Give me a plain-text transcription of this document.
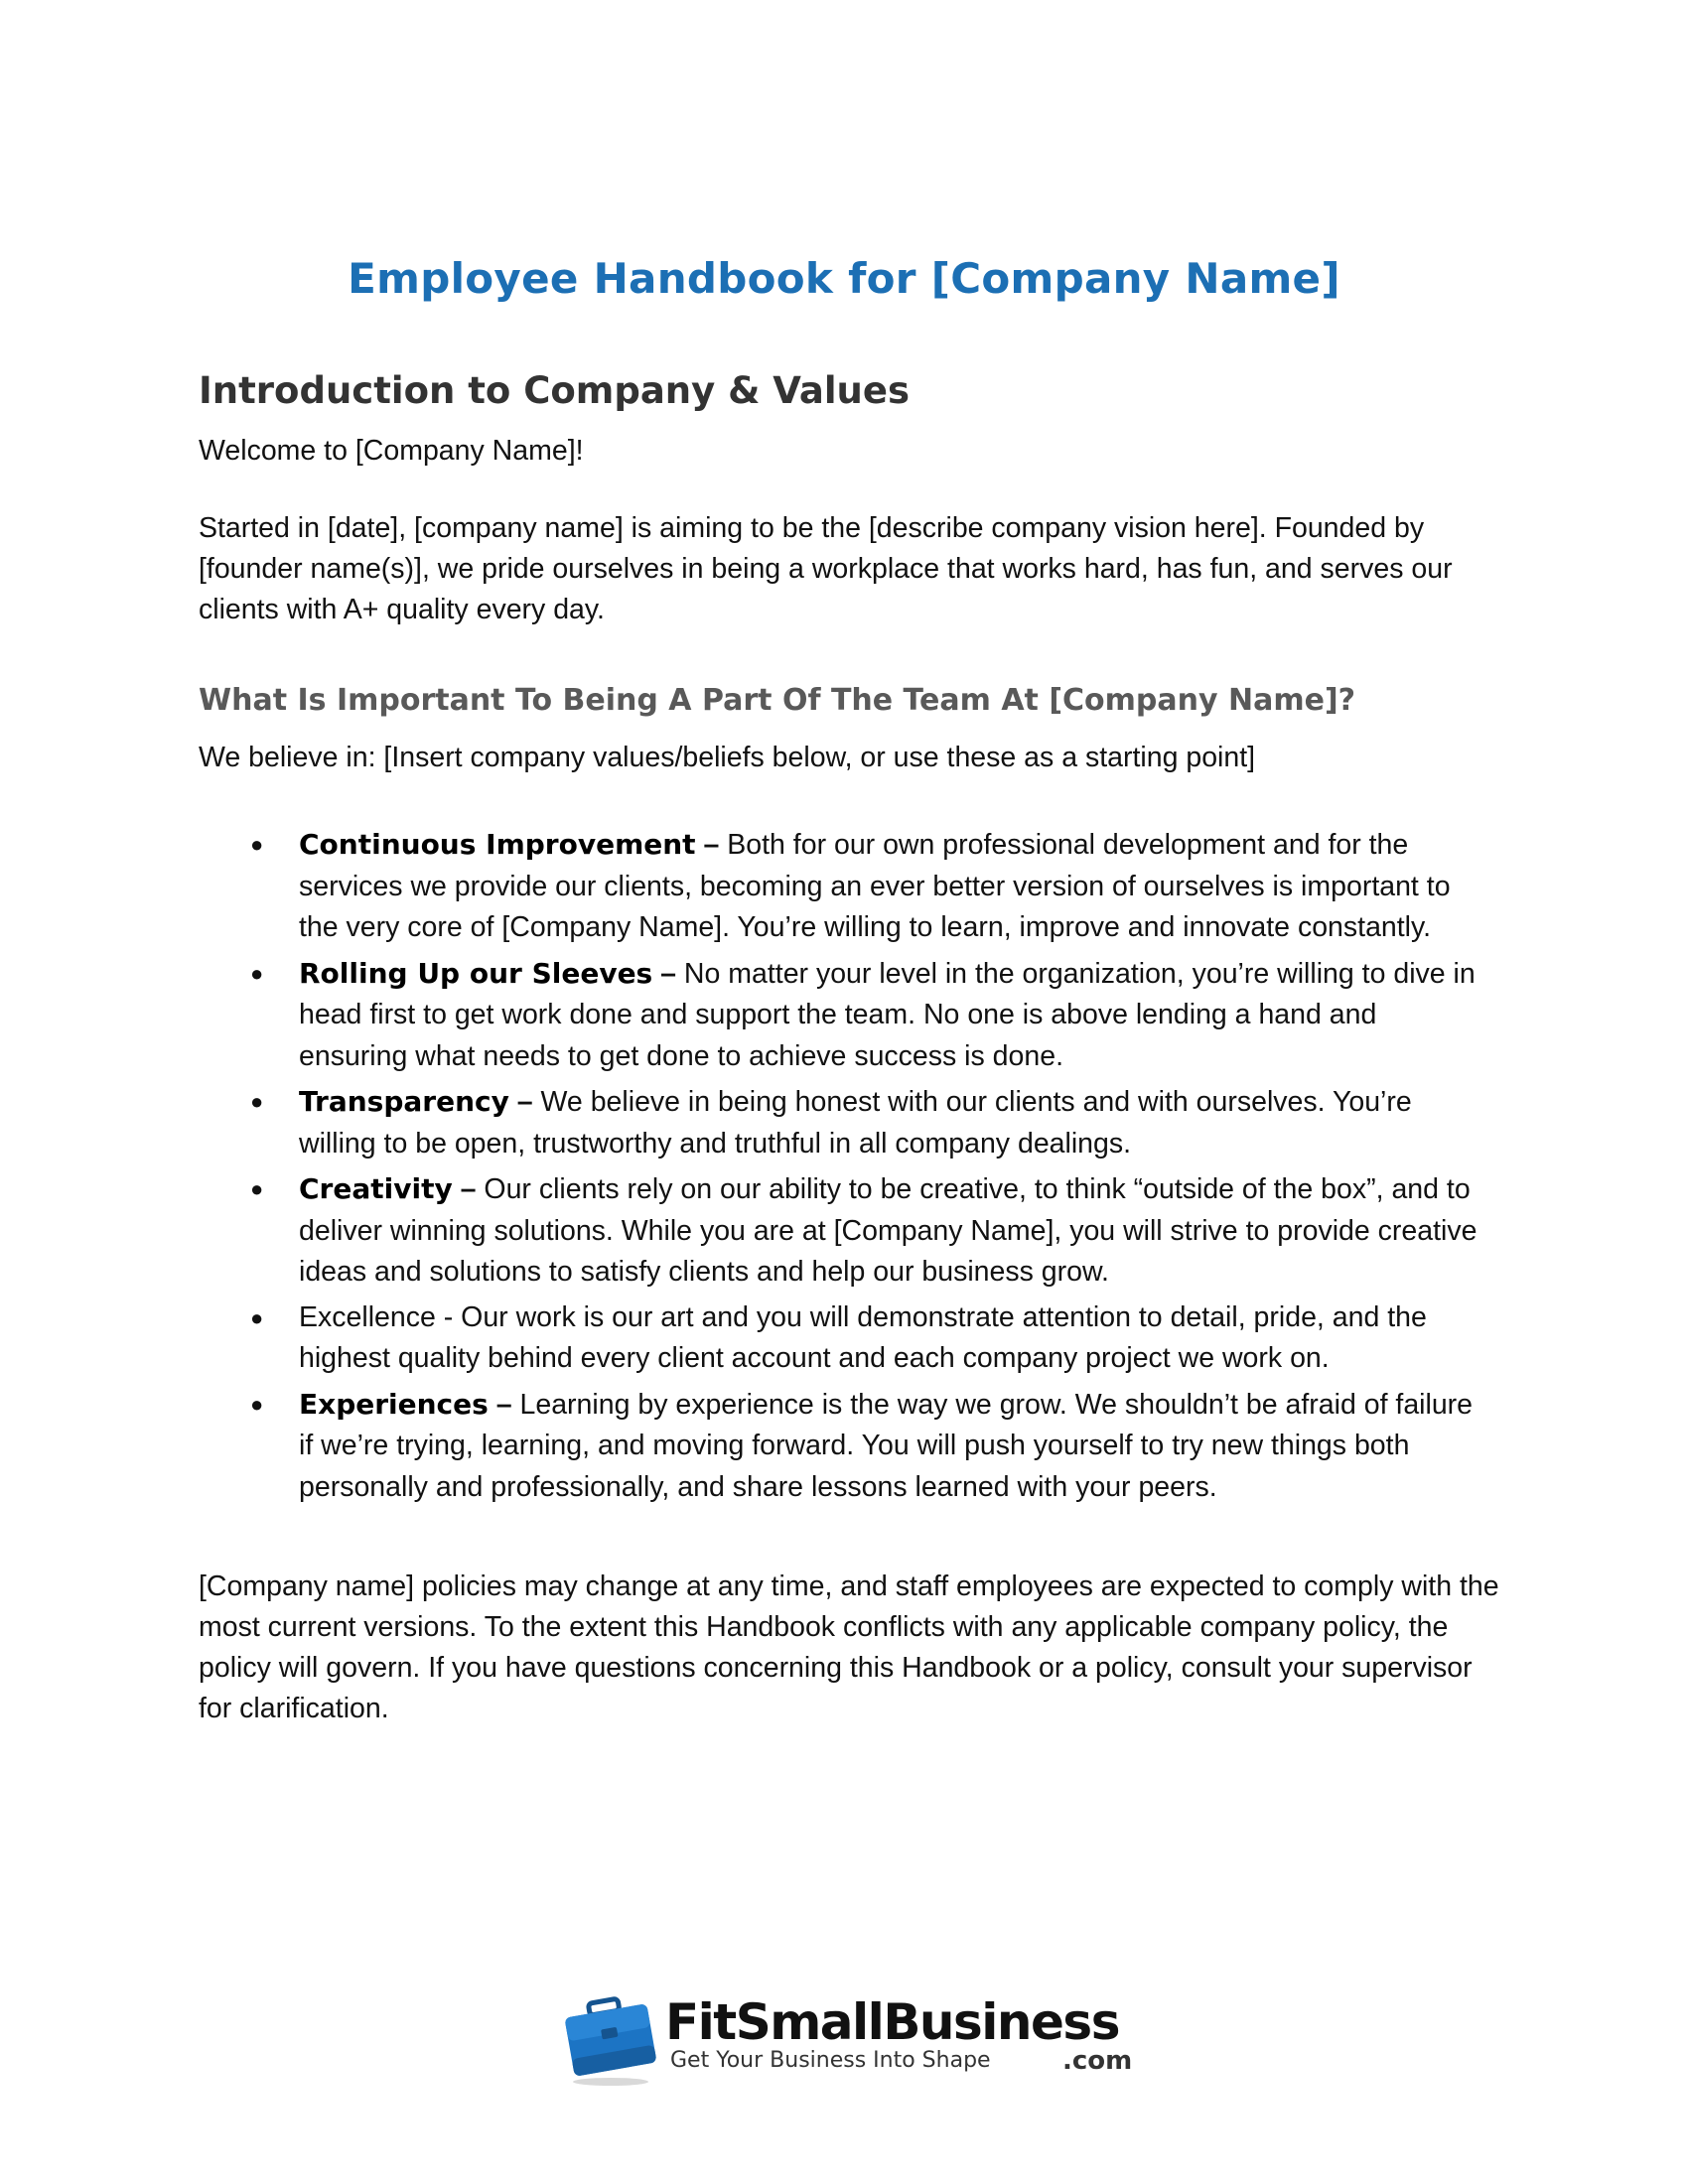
Employee Handbook for [Company Name]
Introduction to Company & Values

Welcome to [Company Name]!

Started in [date], [company name] is aiming to be the [describe company vision here]. Founded by [founder name(s)], we pride ourselves in being a workplace that works hard, has fun, and serves our clients with A+ quality every day.

What Is Important To Being A Part Of The Team At [Company Name]?

We believe in: [Insert company values/beliefs below, or use these as a starting point]

● Continuous Improvement – Both for our own professional development and for the services we provide our clients, becoming an ever better version of ourselves is important to the very core of [Company Name]. You’re willing to learn, improve and innovate constantly.
● Rolling Up our Sleeves – No matter your level in the organization, you’re willing to dive in head first to get work done and support the team. No one is above lending a hand and ensuring what needs to get done to achieve success is done.
● Transparency – We believe in being honest with our clients and with ourselves. You’re willing to be open, trustworthy and truthful in all company dealings.
● Creativity – Our clients rely on our ability to be creative, to think “outside of the box”, and to deliver winning solutions. While you are at [Company Name], you will strive to provide creative ideas and solutions to satisfy clients and help our business grow.
● Excellence - Our work is our art and you will demonstrate attention to detail, pride, and the highest quality behind every client account and each company project we work on.
● Experiences – Learning by experience is the way we grow. We shouldn’t be afraid of failure if we’re trying, learning, and moving forward. You will push yourself to try new things both personally and professionally, and share lessons learned with your peers.

[Company name] policies may change at any time, and staff employees are expected to comply with the most current versions. To the extent this Handbook conflicts with any applicable company policy, the policy will govern. If you have questions concerning this Handbook or a policy, consult your supervisor for clarification.

FitSmallBusiness
Get Your Business Into Shape	.com
